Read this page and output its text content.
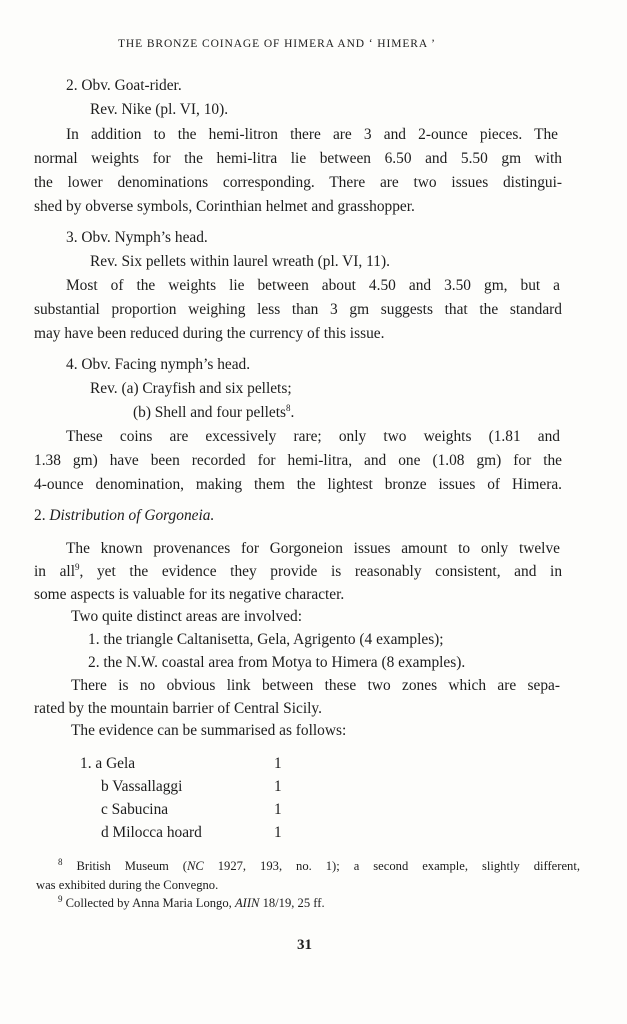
THE BRONZE COINAGE OF HIMERA AND ‘ HIMERA ’
2. Obv. Goat-rider.
Rev. Nike (pl. VI, 10).
In addition to the hemi-litron there are 3 and 2-ounce pieces. The
normal weights for the hemi-litra lie between 6.50 and 5.50 gm with
the lower denominations corresponding. There are two issues distingui-
shed by obverse symbols, Corinthian helmet and grasshopper.
3. Obv. Nymph’s head.
Rev. Six pellets within laurel wreath (pl. VI, 11).
Most of the weights lie between about 4.50 and 3.50 gm, but a
substantial proportion weighing less than 3 gm suggests that the standard
may have been reduced during the currency of this issue.
4. Obv. Facing nymph’s head.
Rev. (a) Crayfish and six pellets;
(b) Shell and four pellets$^8$.
These coins are excessively rare; only two weights (1.81 and
1.38 gm) have been recorded for hemi-litra, and one (1.08 gm) for the
4-ounce denomination, making them the lightest bronze issues of Himera.
2. Distribution of Gorgoneia.
The known provenances for Gorgoneion issues amount to only twelve
in all$^9$, yet the evidence they provide is reasonably consistent, and in
some aspects is valuable for its negative character.
Two quite distinct areas are involved:
1. the triangle Caltanisetta, Gela, Agrigento (4 examples);
2. the N.W. coastal area from Motya to Himera (8 examples).
There is no obvious link between these two zones which are sepa-
rated by the mountain barrier of Central Sicily.
The evidence can be summarised as follows:
1. a Gela	1
b Vassallaggi	1
c Sabucina	1
d Milocca hoard	1
$^8$ British Museum (NC 1927, 193, no. 1); a second example, slightly different,
was exhibited during the Convegno.
$^9$ Collected by Anna Maria Longo, AIIN 18/19, 25 ff.
31
